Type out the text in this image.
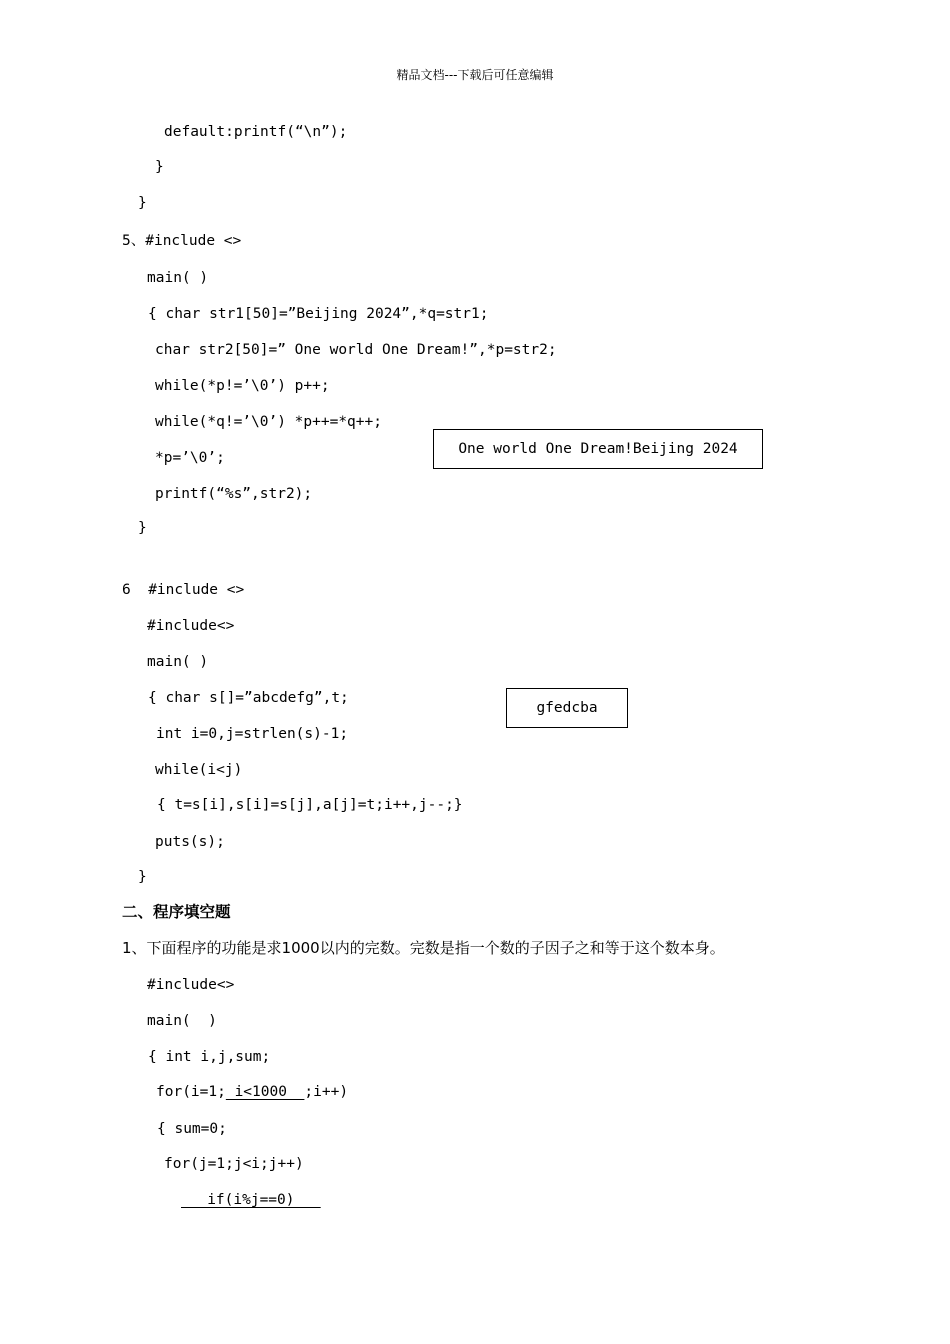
精品文档---下载后可任意编辑
default:printf(“\n”);
}
}
5、#include <>
main( )
{ char str1[50]=”Beijing 2024”,*q=str1;
char str2[50]=” One world One Dream!”,*p=str2;
while(*p!=’\0’) p++;
while(*q!=’\0’) *p++=*q++;
*p=’\0’;
printf(“%s”,str2);
}
One world One Dream!Beijing 2024
6  #include <>
#include<>
main( )
{ char s[]=”abcdefg”,t;
int i=0,j=strlen(s)-1;
while(i<j)
{ t=s[i],s[i]=s[j],a[j]=t;i++,j--;}
puts(s);
}
gfedcba
二、程序填空题
1、下面程序的功能是求1000以内的完数。完数是指一个数的子因子之和等于这个数本身。
#include<>
main(  )
{ int i,j,sum;
for(i=1; i<1000  ;i++)
{ sum=0;
for(j=1;j<i;j++)
if(i%j==0)
